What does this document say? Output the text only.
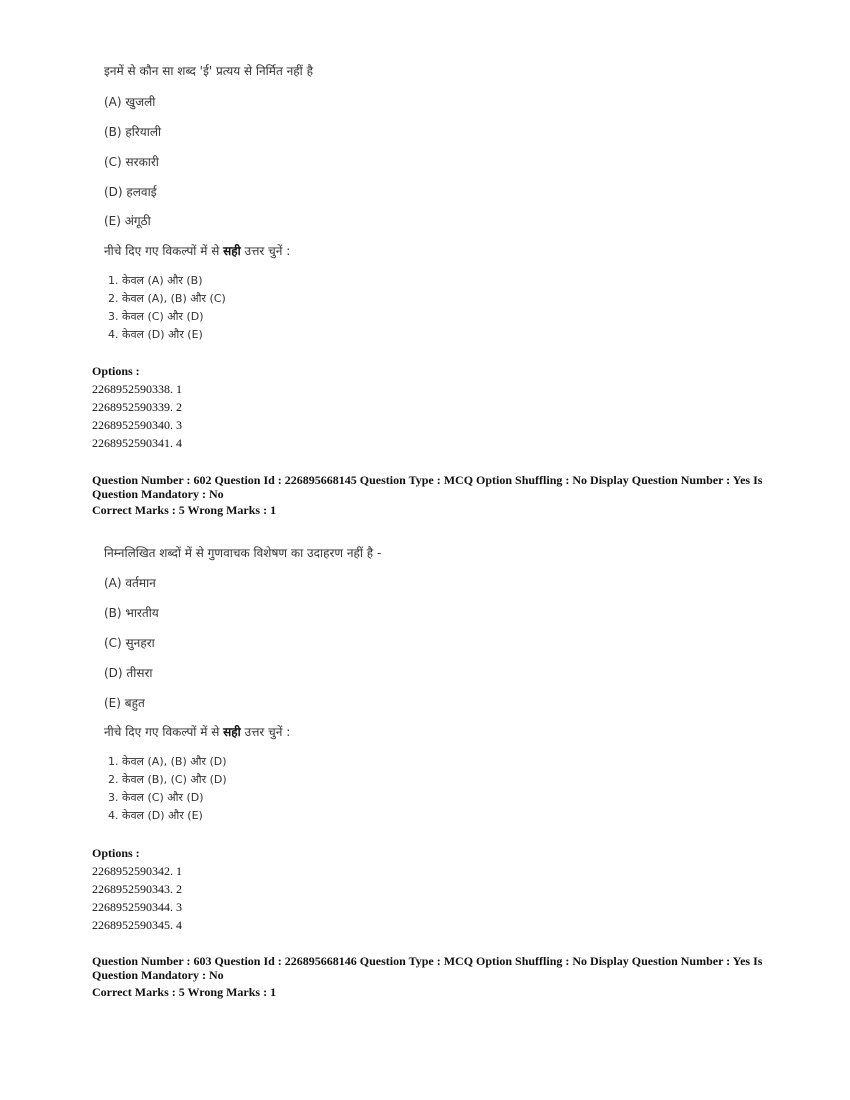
इनमें से कौन सा शब्द 'ई' प्रत्यय से निर्मित नहीं है
(A) खुजली
(B) हरियाली
(C) सरकारी
(D) हलवाई
(E) अंगूठी
नीचे दिए गए विकल्पों में से सही उत्तर चुनें :
1. केवल (A) और (B)
2. केवल (A), (B) और (C)
3. केवल (C) और (D)
4. केवल (D) और (E)
Options :
2268952590338. 1
2268952590339. 2
2268952590340. 3
2268952590341. 4
Question Number : 602 Question Id : 226895668145 Question Type : MCQ Option Shuffling : No Display Question Number : Yes Is Question Mandatory : No
Correct Marks : 5 Wrong Marks : 1
निम्नलिखित शब्दों में से गुणवाचक विशेषण का उदाहरण नहीं है -
(A) वर्तमान
(B) भारतीय
(C) सुनहरा
(D) तीसरा
(E) बहुत
नीचे दिए गए विकल्पों में से सही उत्तर चुनें :
1. केवल (A), (B) और (D)
2. केवल (B), (C) और (D)
3. केवल (C) और (D)
4. केवल (D) और (E)
Options :
2268952590342. 1
2268952590343. 2
2268952590344. 3
2268952590345. 4
Question Number : 603 Question Id : 226895668146 Question Type : MCQ Option Shuffling : No Display Question Number : Yes Is Question Mandatory : No
Correct Marks : 5 Wrong Marks : 1
